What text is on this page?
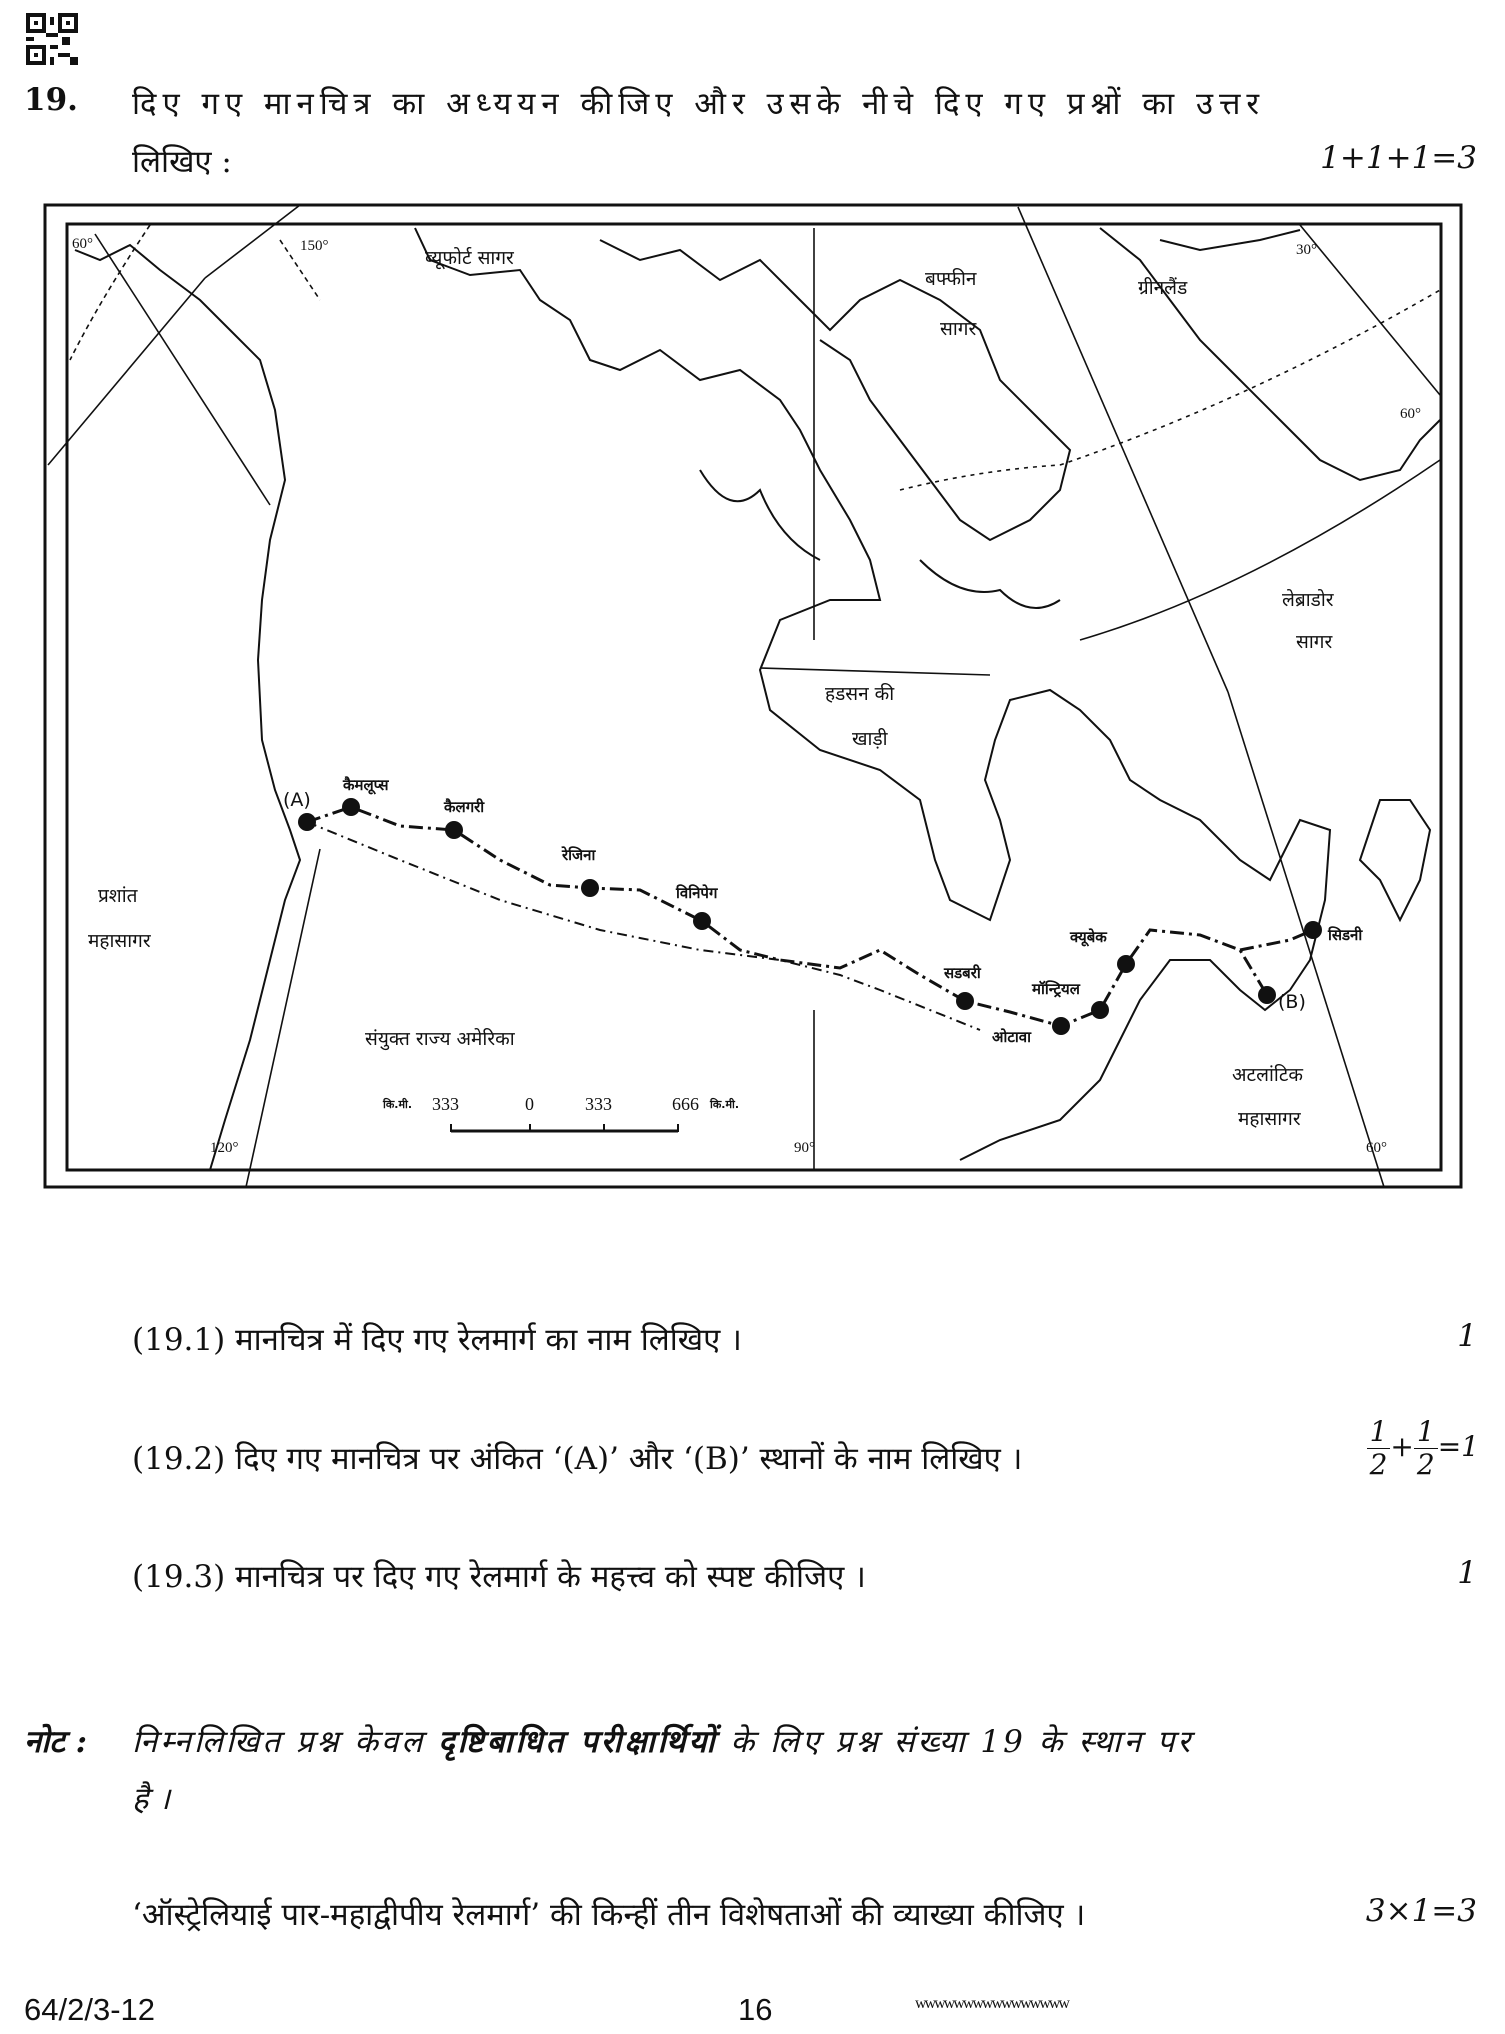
19. दिए गए मानचित्र का अध्ययन कीजिए और उसके नीचे दिए गए प्रश्नों का उत्तर
लिखिए :	1+1+1=3
ब्यूफोर्ट सागर
बफ्फीन
सागर
ग्रीनलैंड
लेब्राडोर
सागर
हडसन की
खाड़ी
प्रशांत
महासागर
संयुक्त राज्य अमेरिका
अटलांटिक
महासागर
(A)
कैमलूप्स
कैलगरी
रेजिना
विनिपेग
सडबरी
ओटावा
मॉन्ट्रियल
क्यूबेक	सिडनी
(B)
60°	150°	30°
60°
120°	90°	60°
कि.मी. 333	0	333	666 कि.मी.
(19.1) मानचित्र में दिए गए रेलमार्ग का नाम लिखिए ।	1
(19.2) दिए गए मानचित्र पर अंकित ‘(A)’ और ‘(B)’ स्थानों के नाम लिखिए ।	$\frac{1}{2} + \frac{1}{2} =1$
(19.3) मानचित्र पर दिए गए रेलमार्ग के महत्त्व को स्पष्ट कीजिए ।	1
नोट : निम्नलिखित प्रश्न केवल दृष्टिबाधित परीक्षार्थियों के लिए प्रश्न संख्या 19 के स्थान पर
है ।
‘ऑस्ट्रेलियाई पार-महाद्वीपीय रेलमार्ग’ की किन्हीं तीन विशेषताओं की व्याख्या कीजिए ।	3×1=3
64/2/3-12	16	wwwwwwwwwwwwwwww
